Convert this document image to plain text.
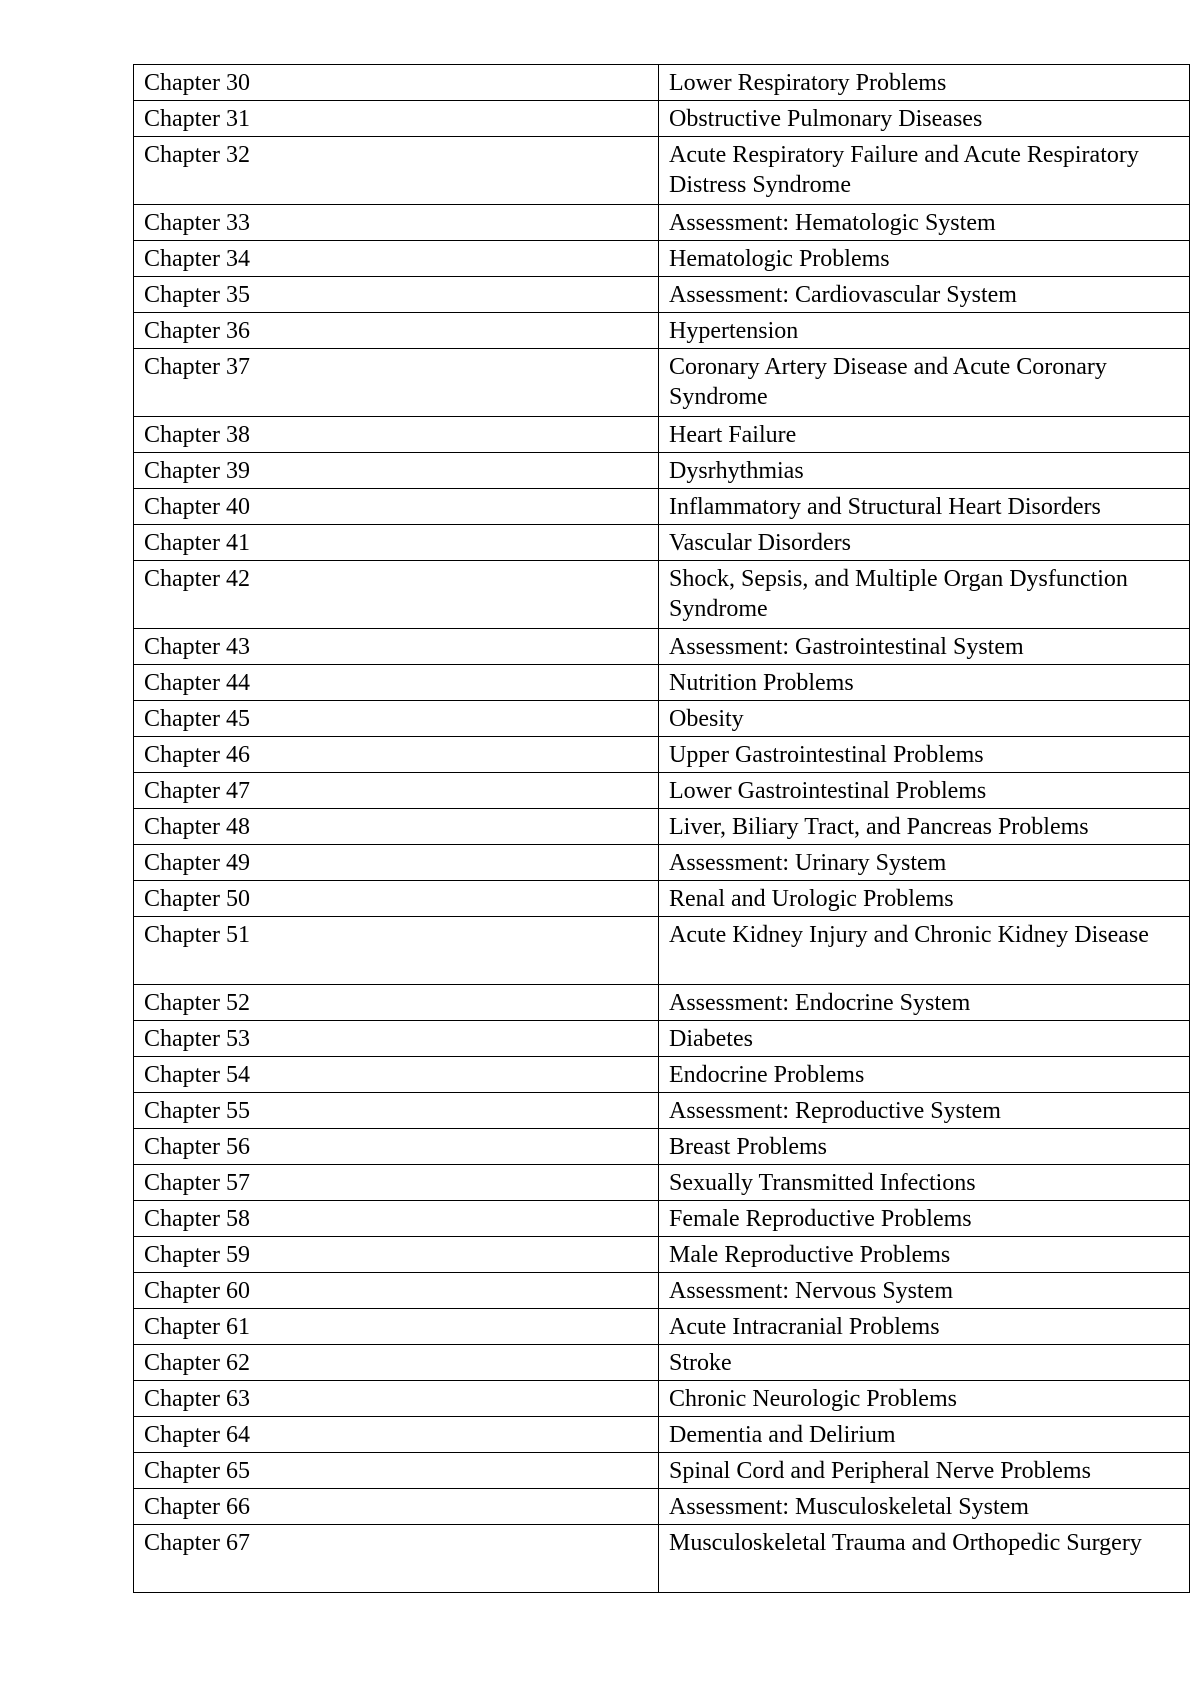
Chapter 30	Lower Respiratory Problems
Chapter 31	Obstructive Pulmonary Diseases
Chapter 32	Acute Respiratory Failure and Acute Respiratory Distress Syndrome
Chapter 33	Assessment: Hematologic System
Chapter 34	Hematologic Problems
Chapter 35	Assessment: Cardiovascular System
Chapter 36	Hypertension
Chapter 37	Coronary Artery Disease and Acute Coronary Syndrome
Chapter 38	Heart Failure
Chapter 39	Dysrhythmias
Chapter 40	Inflammatory and Structural Heart Disorders
Chapter 41	Vascular Disorders
Chapter 42	Shock, Sepsis, and Multiple Organ Dysfunction Syndrome
Chapter 43	Assessment: Gastrointestinal System
Chapter 44	Nutrition Problems
Chapter 45	Obesity
Chapter 46	Upper Gastrointestinal Problems
Chapter 47	Lower Gastrointestinal Problems
Chapter 48	Liver, Biliary Tract, and Pancreas Problems
Chapter 49	Assessment: Urinary System
Chapter 50	Renal and Urologic Problems
Chapter 51	Acute Kidney Injury and Chronic Kidney Disease
Chapter 52	Assessment: Endocrine System
Chapter 53	Diabetes
Chapter 54	Endocrine Problems
Chapter 55	Assessment: Reproductive System
Chapter 56	Breast Problems
Chapter 57	Sexually Transmitted Infections
Chapter 58	Female Reproductive Problems
Chapter 59	Male Reproductive Problems
Chapter 60	Assessment: Nervous System
Chapter 61	Acute Intracranial Problems
Chapter 62	Stroke
Chapter 63	Chronic Neurologic Problems
Chapter 64	Dementia and Delirium
Chapter 65	Spinal Cord and Peripheral Nerve Problems
Chapter 66	Assessment: Musculoskeletal System
Chapter 67	Musculoskeletal Trauma and Orthopedic Surgery
